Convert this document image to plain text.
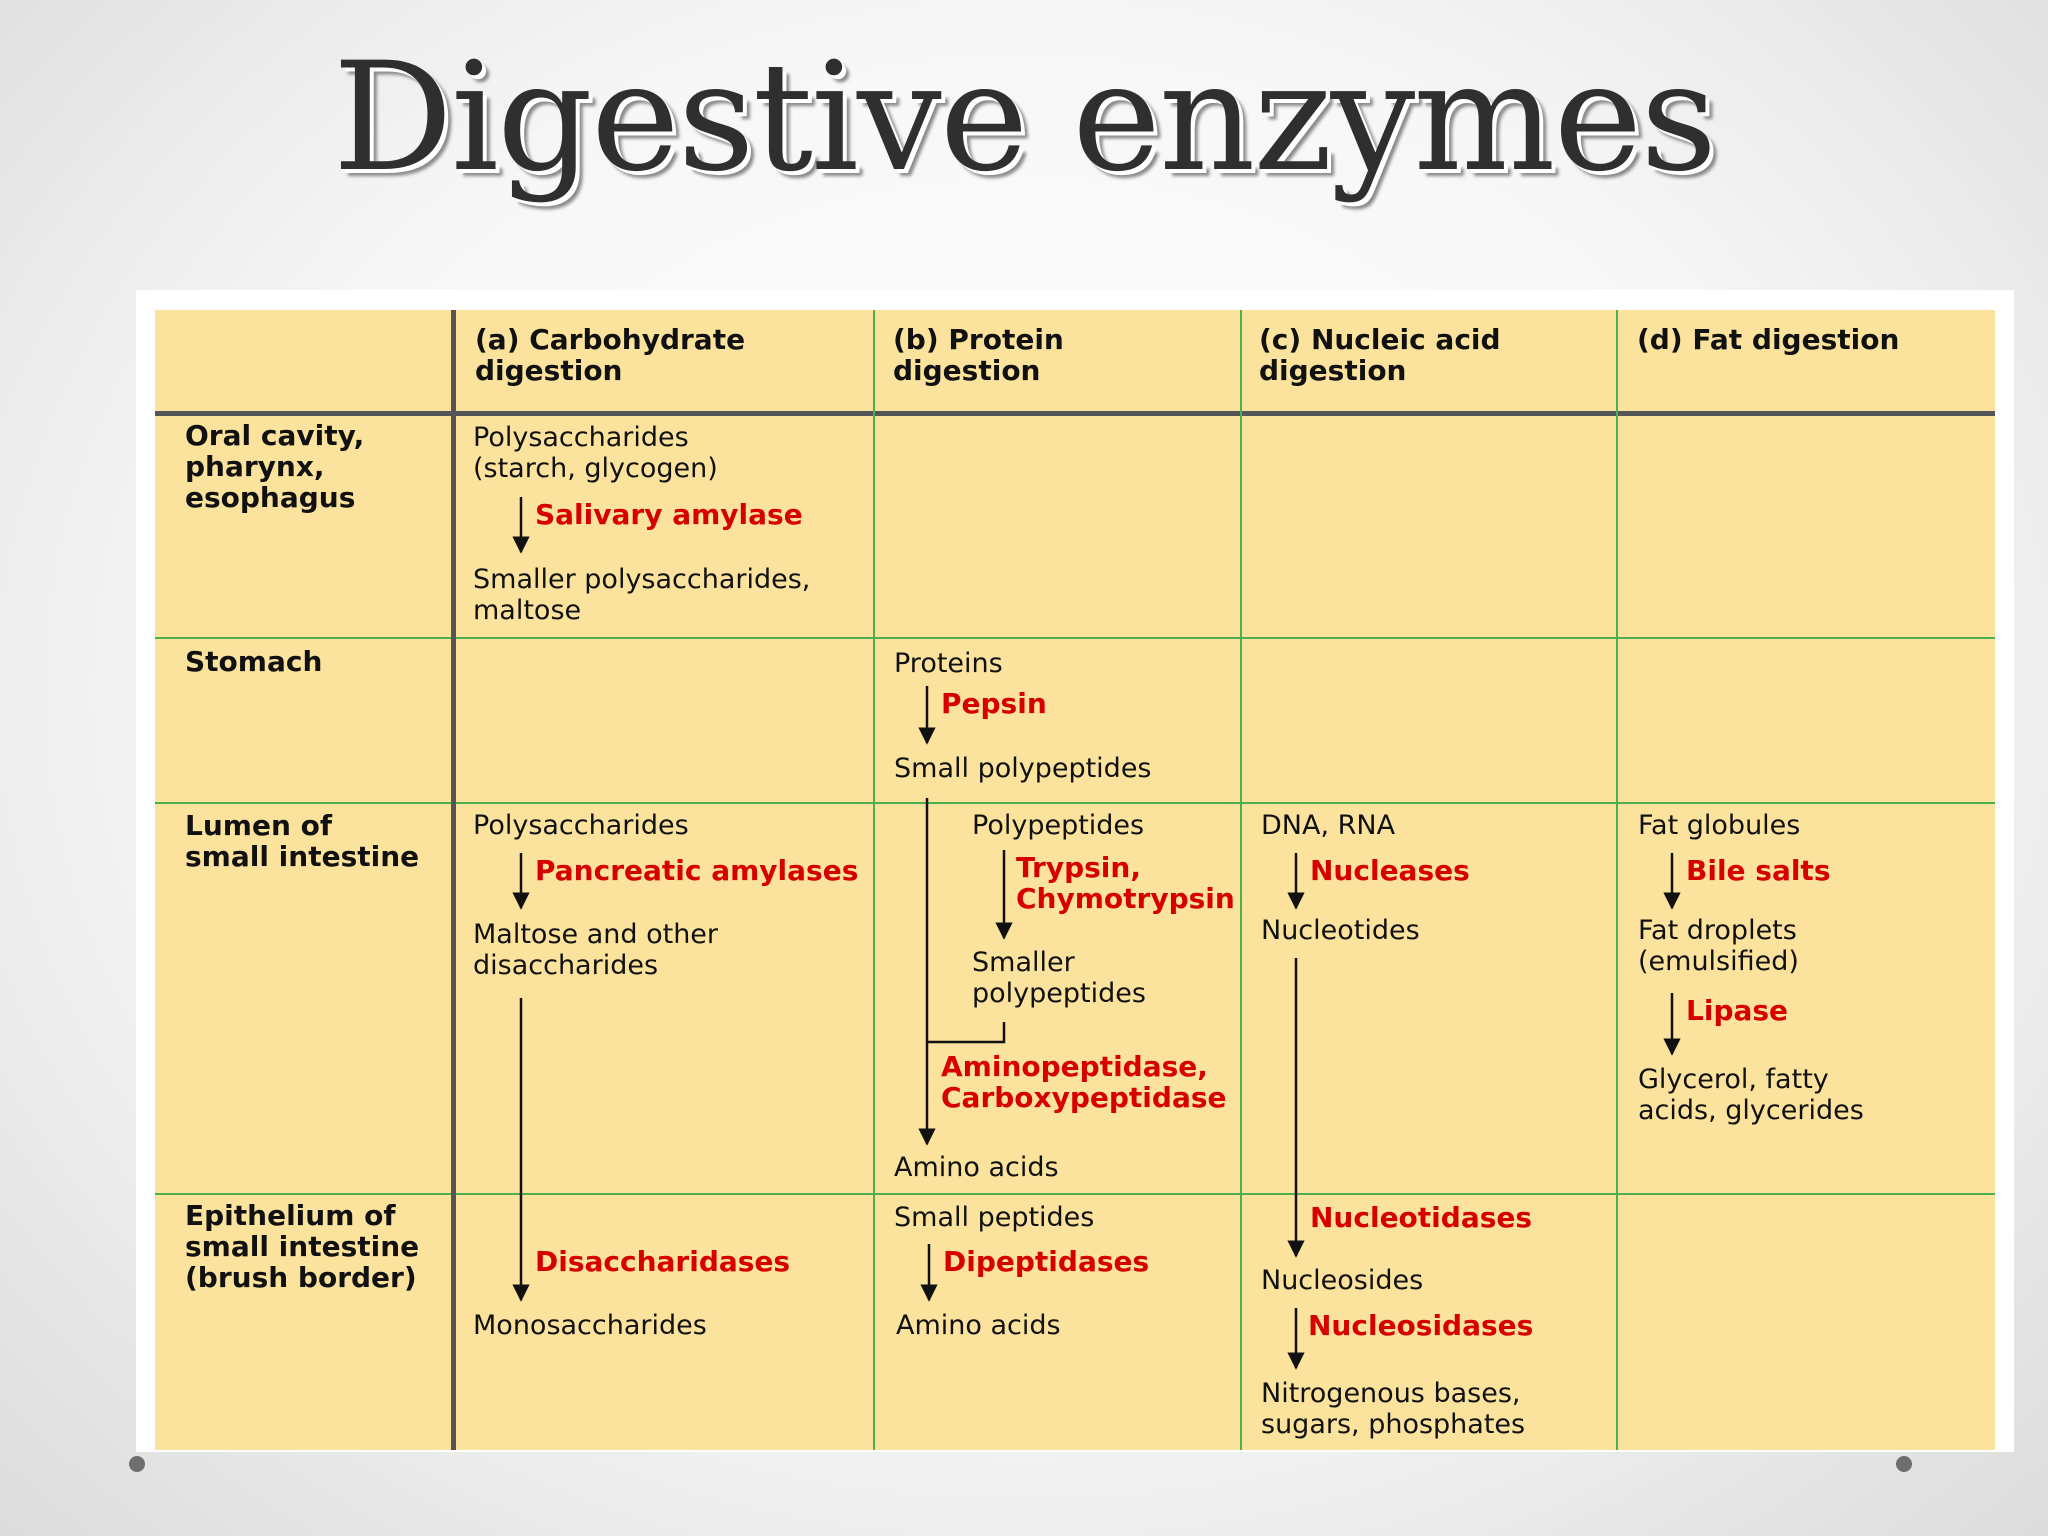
Digestive enzymes
(a) Carbohydrate
digestion
(b) Protein
digestion
(c) Nucleic acid
digestion
(d) Fat digestion
Oral cavity,
pharynx,
esophagus
Stomach
Lumen of
small intestine
Epithelium of
small intestine
(brush border)
Polysaccharides
(starch, glycogen)
Salivary amylase
Smaller polysaccharides,
maltose
Polysaccharides
Pancreatic amylases
Maltose and other
disaccharides
Disaccharidases
Monosaccharides
Proteins
Pepsin
Small polypeptides
Polypeptides
Trypsin,
Chymotrypsin
Smaller
polypeptides
Aminopeptidase,
Carboxypeptidase
Amino acids
Small peptides
Dipeptidases
Amino acids
DNA, RNA
Nucleases
Nucleotides
Nucleotidases
Nucleosides
Nucleosidases
Nitrogenous bases,
sugars, phosphates
Fat globules
Bile salts
Fat droplets
(emulsified)
Lipase
Glycerol, fatty
acids, glycerides
